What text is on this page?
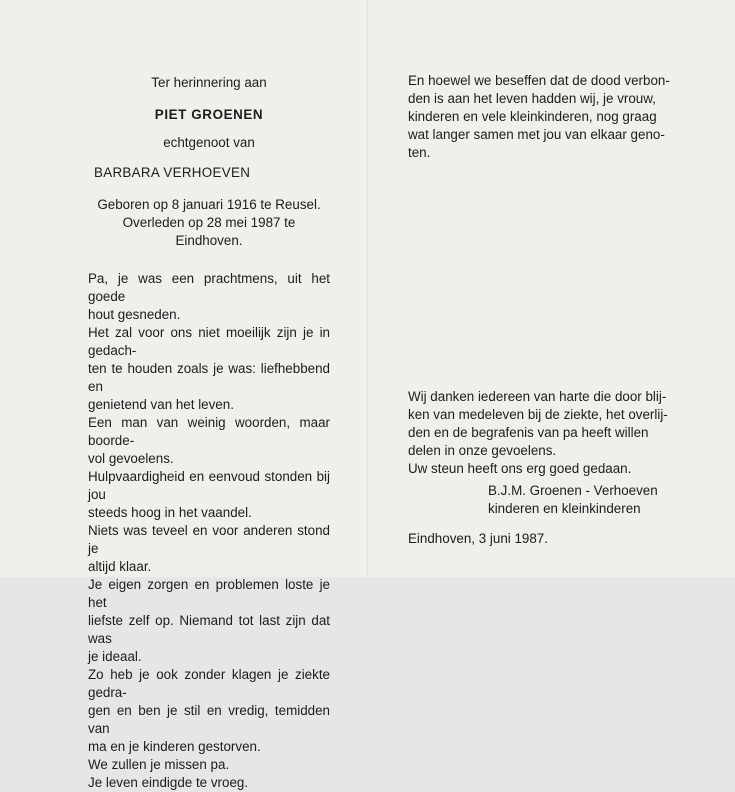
Ter herinnering aan

PIET GROENEN

echtgenoot van

BARBARA VERHOEVEN

Geboren op 8 januari 1916 te Reusel.

Overleden op 28 mei 1987 te Eindhoven.

Pa, je was een prachtmens, uit het goede

hout gesneden.

Het zal voor ons niet moeilijk zijn je in gedach-

ten te houden zoals je was: liefhebbend en

genietend van het leven.

Een man van weinig woorden, maar boorde-

vol gevoelens.

Hulpvaardigheid en eenvoud stonden bij jou

steeds hoog in het vaandel.

Niets was teveel en voor anderen stond je

altijd klaar.

Je eigen zorgen en problemen loste je het

liefste zelf op. Niemand tot last zijn dat was

je ideaal.

Zo heb je ook zonder klagen je ziekte gedra-

gen en ben je stil en vredig, temidden van

ma en je kinderen gestorven.

We zullen je missen pa.

Je leven eindigde te vroeg.

En hoewel we beseffen dat de dood verbon-

den is aan het leven hadden wij, je vrouw,

kinderen en vele kleinkinderen, nog graag

wat langer samen met jou van elkaar geno-

ten.

Wij danken iedereen van harte die door blij-

ken van medeleven bij de ziekte, het overlij-

den en de begrafenis van pa heeft willen

delen in onze gevoelens.

Uw steun heeft ons erg goed gedaan.

B.J.M. Groenen - Verhoeven

kinderen en kleinkinderen

Eindhoven, 3 juni 1987.
